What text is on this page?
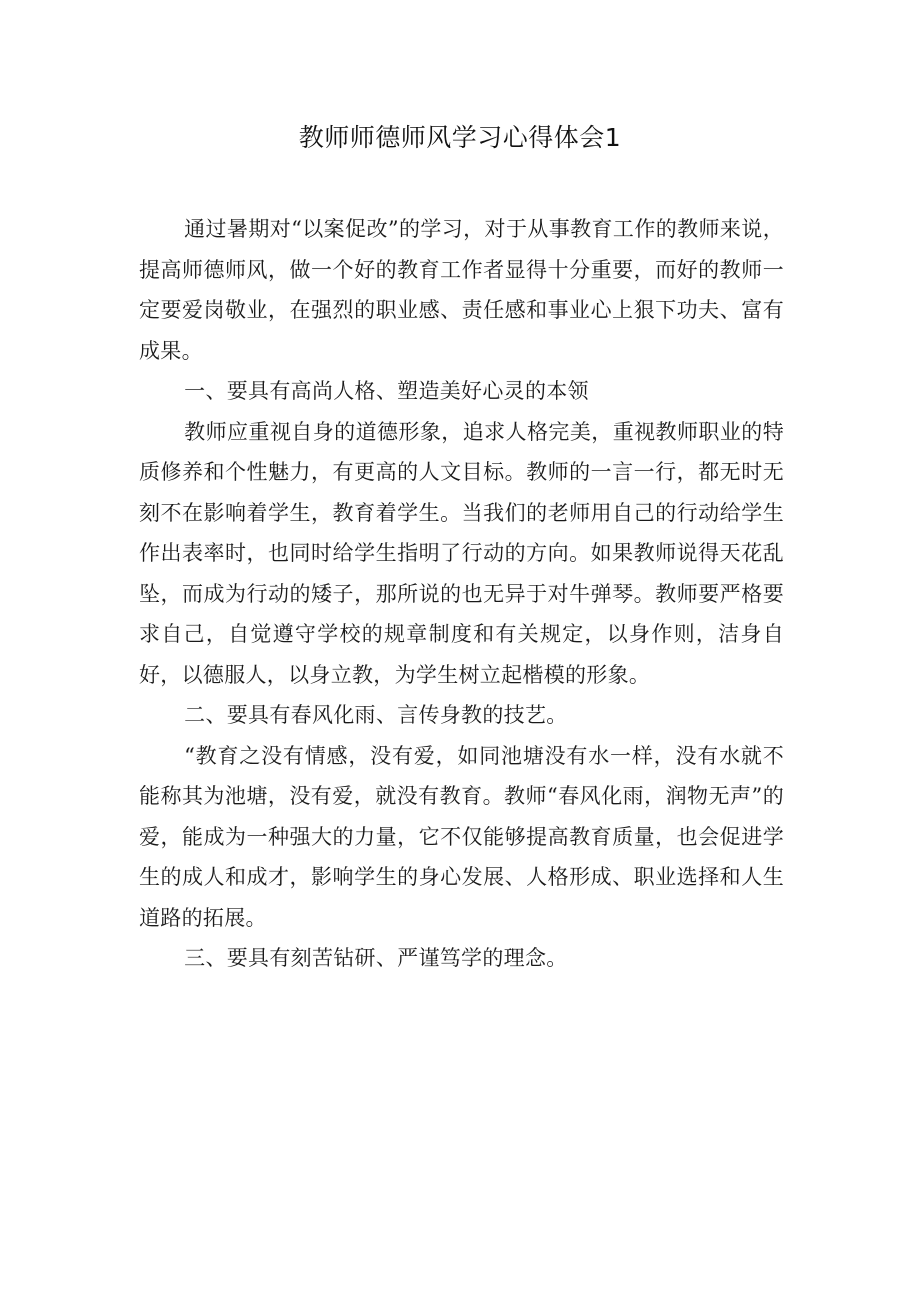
教师师德师风学习心得体会1

通过暑期对“以案促改”的学习，对于从事教育工作的教师来说，提高师德师风，做一个好的教育工作者显得十分重要，而好的教师一定要爱岗敬业，在强烈的职业感、责任感和事业心上狠下功夫、富有成果。

一、要具有高尚人格、塑造美好心灵的本领

教师应重视自身的道德形象，追求人格完美，重视教师职业的特质修养和个性魅力，有更高的人文目标。教师的一言一行，都无时无刻不在影响着学生，教育着学生。当我们的老师用自己的行动给学生作出表率时，也同时给学生指明了行动的方向。如果教师说得天花乱坠，而成为行动的矮子，那所说的也无异于对牛弹琴。教师要严格要求自己，自觉遵守学校的规章制度和有关规定，以身作则，洁身自好，以德服人，以身立教，为学生树立起楷模的形象。

二、要具有春风化雨、言传身教的技艺。

“教育之没有情感，没有爱，如同池塘没有水一样，没有水就不能称其为池塘，没有爱，就没有教育。教师“春风化雨，润物无声”的爱，能成为一种强大的力量，它不仅能够提高教育质量，也会促进学生的成人和成才，影响学生的身心发展、人格形成、职业选择和人生道路的拓展。

三、要具有刻苦钻研、严谨笃学的理念。
